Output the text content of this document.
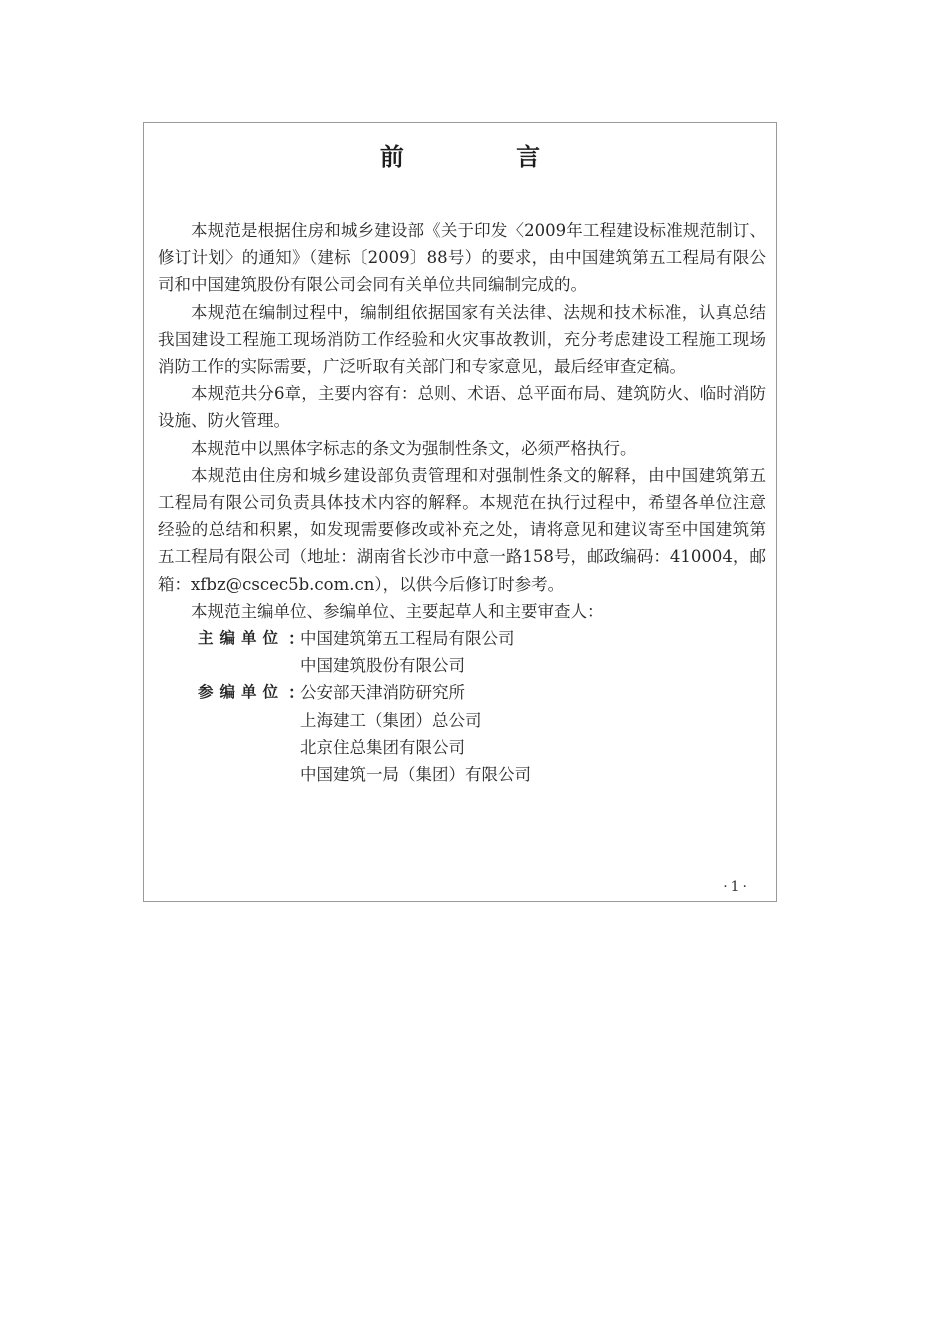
前 言

本规范是根据住房和城乡建设部《关于印发〈2009年工程建设标准规范制订、修订计划〉的通知》（建标〔2009〕88号）的要求，由中国建筑第五工程局有限公司和中国建筑股份有限公司会同有关单位共同编制完成的。

本规范在编制过程中，编制组依据国家有关法律、法规和技术标准，认真总结我国建设工程施工现场消防工作经验和火灾事故教训，充分考虑建设工程施工现场消防工作的实际需要，广泛听取有关部门和专家意见，最后经审查定稿。

本规范共分6章，主要内容有：总则、术语、总平面布局、建筑防火、临时消防设施、防火管理。

本规范中以黑体字标志的条文为强制性条文，必须严格执行。

本规范由住房和城乡建设部负责管理和对强制性条文的解释，由中国建筑第五工程局有限公司负责具体技术内容的解释。本规范在执行过程中，希望各单位注意经验的总结和积累，如发现需要修改或补充之处，请将意见和建议寄至中国建筑第五工程局有限公司（地址：湖南省长沙市中意一路158号，邮政编码：410004，邮箱：xfbz@cscec5b.com.cn），以供今后修订时参考。

本规范主编单位、参编单位、主要起草人和主要审查人：

主编单位 ：
中国建筑第五工程局有限公司
中国建筑股份有限公司
参编单位 ：
公安部天津消防研究所
上海建工（集团）总公司
北京住总集团有限公司
中国建筑一局（集团）有限公司
·1·
